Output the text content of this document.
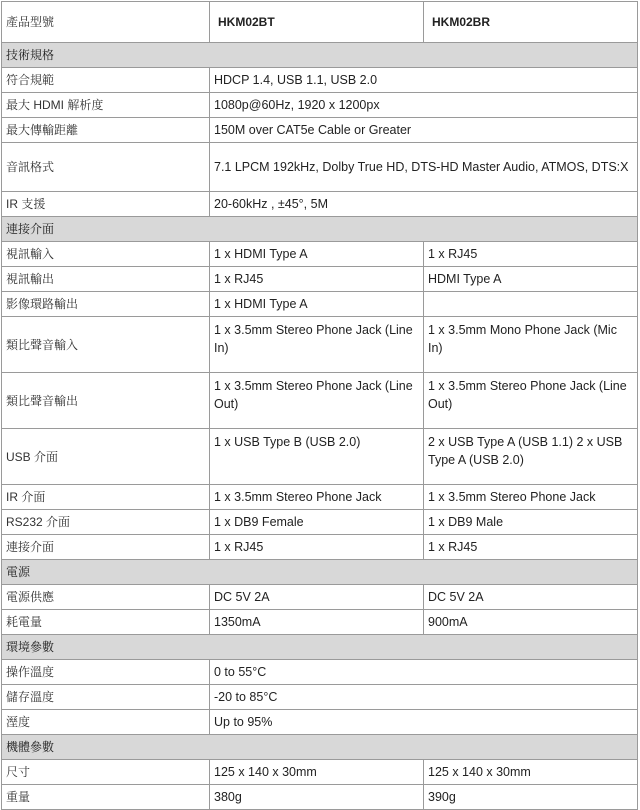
產品型號	HKM02BT	HKM02BR
技術規格		
符合規範	HDCP 1.4, USB 1.1, USB 2.0	
最大 HDMI 解析度	1080p@60Hz, 1920 x 1200px	
最大傳輸距離	150M over CAT5e Cable or Greater	
音訊格式	7.1 LPCM 192kHz, Dolby True HD, DTS-HD Master Audio, ATMOS, DTS:X	
IR 支援	20-60kHz , ±45°, 5M	
連接介面		
視訊輸入	1 x HDMI Type A	1 x RJ45
視訊輸出	1 x RJ45	HDMI Type A
影像環路輸出	1 x HDMI Type A	
類比聲音輸入	1 x 3.5mm Stereo Phone Jack (Line In)	1 x 3.5mm Mono Phone Jack (Mic In)
類比聲音輸出	1 x 3.5mm Stereo Phone Jack (Line Out)	1 x 3.5mm Stereo Phone Jack (Line Out)
USB 介面	1 x USB Type B (USB 2.0)	2 x USB Type A (USB 1.1) 2 x USB Type A (USB 2.0)
IR 介面	1 x 3.5mm Stereo Phone Jack	1 x 3.5mm Stereo Phone Jack
RS232 介面	1 x DB9 Female	1 x DB9 Male
連接介面	1 x RJ45	1 x RJ45
電源		
電源供應	DC 5V 2A	DC 5V 2A
耗電量	1350mA	900mA
環境參數		
操作溫度	0 to 55°C	
儲存溫度	-20 to 85°C	
溼度	Up to 95%	
機體參數		
尺寸	125 x 140 x 30mm	125 x 140 x 30mm
重量	380g	390g
